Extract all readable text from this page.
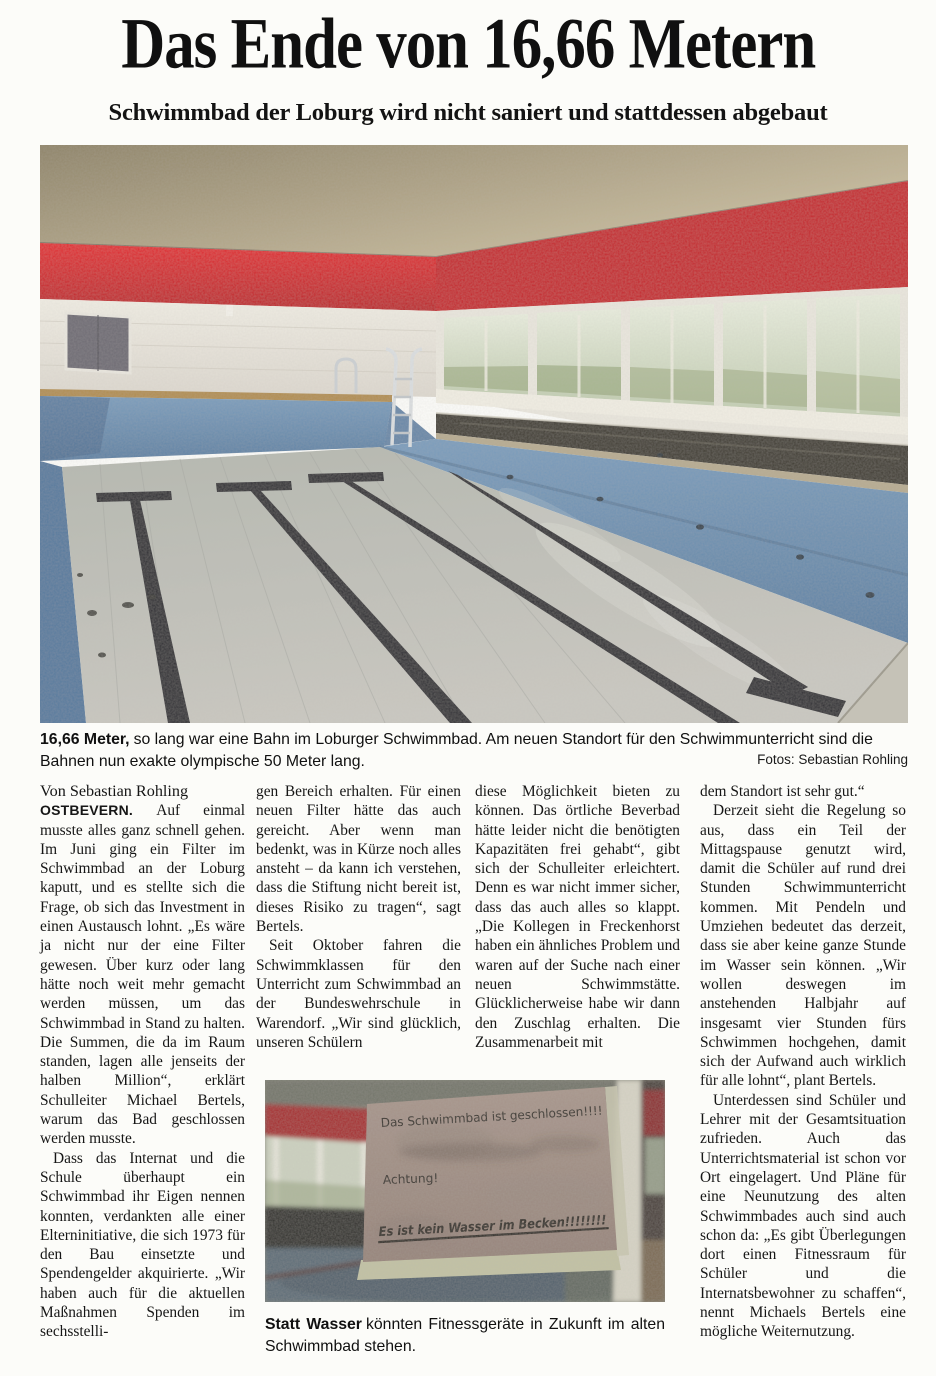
Das Ende von 16,66 Metern
Schwimmbad der Loburg wird nicht saniert und stattdessen abgebaut
16,66 Meter, so lang war eine Bahn im Loburger Schwimmbad. Am neuen Standort für den Schwimmunterricht sind die Bahnen nun exakte olympische 50 Meter lang.	Fotos: Sebastian Rohling

Von Sebastian Rohling

OSTBEVERN. Auf einmal musste alles ganz schnell gehen. Im Juni ging ein Filter im Schwimmbad an der Loburg kaputt, und es stellte sich die Frage, ob sich das Investment in einen Austausch lohnt. „Es wäre ja nicht nur der eine Filter gewesen. Über kurz oder lang hätte noch weit mehr gemacht werden müssen, um das Schwimmbad in Stand zu halten. Die Summen, die da im Raum standen, lagen alle jenseits der halben Million“, erklärt Schulleiter Michael Bertels, warum das Bad geschlossen werden musste.

Dass das Internat und die Schule überhaupt ein Schwimmbad ihr Eigen nennen konnten, verdankten alle einer Elterninitiative, die sich 1973 für den Bau einsetzte und Spendengelder akquirierte. „Wir haben auch für die aktuellen Maßnahmen Spenden im sechsstelli-

gen Bereich erhalten. Für einen neuen Filter hätte das auch gereicht. Aber wenn man bedenkt, was in Kürze noch alles ansteht – da kann ich verstehen, dass die Stiftung nicht bereit ist, dieses Risiko zu tragen“, sagt Bertels.

Seit Oktober fahren die Schwimmklassen für den Unterricht zum Schwimmbad an der Bundeswehrschule in Warendorf. „Wir sind glücklich, unseren Schülern

diese Möglichkeit bieten zu können. Das örtliche Beverbad hätte leider nicht die benötigten Kapazitäten frei gehabt“, gibt sich der Schulleiter erleichtert. Denn es war nicht immer sicher, dass das auch alles so klappt. „Die Kollegen in Freckenhorst haben ein ähnliches Problem und waren auf der Suche nach einer neuen Schwimmstätte. Glücklicherweise habe wir dann den Zuschlag erhalten. Die Zusammenarbeit mit

dem Standort ist sehr gut.“

Derzeit sieht die Regelung so aus, dass ein Teil der Mittagspause genutzt wird, damit die Schüler auf rund drei Stunden Schwimmunterricht kommen. Mit Pendeln und Umziehen bedeutet das derzeit, dass sie aber keine ganze Stunde im Wasser sein können. „Wir wollen deswegen im anstehenden Halbjahr auf insgesamt vier Stunden fürs Schwimmen hochgehen, damit sich der Aufwand auch wirklich für alle lohnt“, plant Bertels.

Unterdessen sind Schüler und Lehrer mit der Gesamtsituation zufrieden. Auch das Unterrichtsmaterial ist schon vor Ort eingelagert. Und Pläne für eine Neunutzung des alten Schwimmbades auch sind auch schon da: „Es gibt Überlegungen dort einen Fitnessraum für Schüler und die Internatsbewohner zu schaffen“, nennt Michaels Bertels eine mögliche Weiternutzung.

Das Schwimmbad ist geschlossen!!!!
Achtung!
Es ist kein Wasser im Becken!!!!!!!!
Statt Wasser könnten Fitnessgeräte in Zukunft im alten Schwimmbad stehen.
